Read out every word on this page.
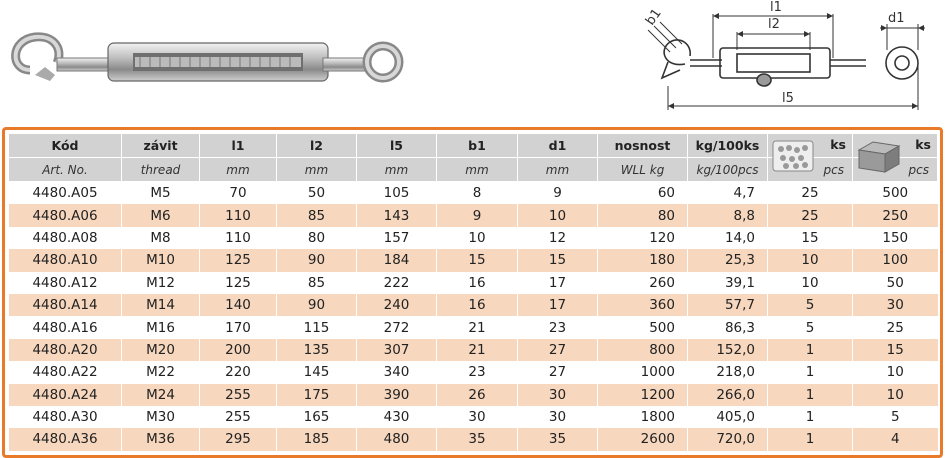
l1
l2
l5
d1
b1
Kód	závit	l1	l2	l5	b1	d1	nosnost	kg/100ks	ks	ks

Art. No.	thread	mm	mm	mm	mm	mm	WLL kg	kg/100pcs	pcs	pcs
4480.A05	M5	70	50	105	8	9	60	4,7	25	500
4480.A06	M6	110	85	143	9	10	80	8,8	25	250
4480.A08	M8	110	80	157	10	12	120	14,0	15	150
4480.A10	M10	125	90	184	15	15	180	25,3	10	100
4480.A12	M12	125	85	222	16	17	260	39,1	10	50
4480.A14	M14	140	90	240	16	17	360	57,7	5	30
4480.A16	M16	170	115	272	21	23	500	86,3	5	25
4480.A20	M20	200	135	307	21	27	800	152,0	1	15
4480.A22	M22	220	145	340	23	27	1000	218,0	1	10
4480.A24	M24	255	175	390	26	30	1200	266,0	1	10
4480.A30	M30	255	165	430	30	30	1800	405,0	1	5
4480.A36	M36	295	185	480	35	35	2600	720,0	1	4
